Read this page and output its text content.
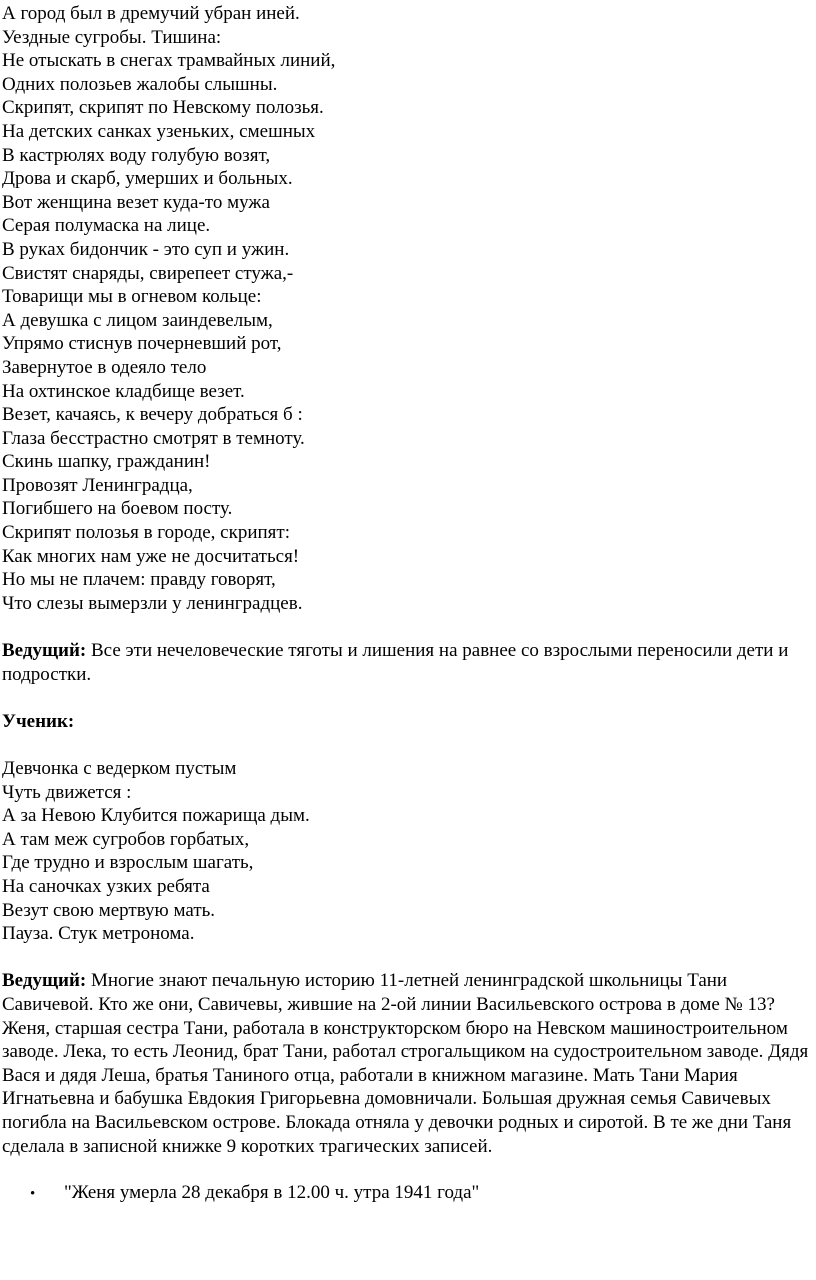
А город был в дремучий убран иней.
Уездные сугробы. Тишина:
Не отыскать в снегах трамвайных линий,
Одних полозьев жалобы слышны.
Скрипят, скрипят по Невскому полозья.
На детских санках узеньких, смешных
В кастрюлях воду голубую возят,
Дрова и скарб, умерших и больных.
Вот женщина везет куда-то мужа
Серая полумаска на лице.
В руках бидончик - это суп и ужин.
Свистят снаряды, свирепеет стужа,-
Товарищи мы в огневом кольце:
А девушка с лицом заиндевелым,
Упрямо стиснув почерневший рот,
Завернутое в одеяло тело
На охтинское кладбище везет.
Везет, качаясь, к вечеру добраться б :
Глаза бесстрастно смотрят в темноту.
Скинь шапку, гражданин!
Провозят Ленинградца,
Погибшего на боевом посту.
Скрипят полозья в городе, скрипят:
Как многих нам уже не досчитаться!
Но мы не плачем: правду говорят,
Что слезы вымерзли у ленинградцев.
Ведущий: Все эти нечеловеческие тяготы и лишения на равнее со взрослыми переносили дети и подростки.
Ученик:
Девчонка с ведерком пустым
Чуть движется :
А за Невою Клубится пожарища дым.
А там меж сугробов горбатых,
Где трудно и взрослым шагать,
На саночках узких ребята
Везут свою мертвую мать.
Пауза. Стук метронома.
Ведущий: Многие знают печальную историю 11-летней ленинградской школьницы Тани Савичевой. Кто же они, Савичевы, жившие на 2-ой линии Васильевского острова в доме № 13? Женя, старшая сестра Тани, работала в конструкторском бюро на Невском машиностроительном заводе. Лека, то есть Леонид, брат Тани, работал строгальщиком на судостроительном заводе. Дядя Вася и дядя Леша, братья Таниного отца, работали в книжном магазине. Мать Тани Мария Игнатьевна и бабушка Евдокия Григорьевна домовничали. Большая дружная семья Савичевых погибла на Васильевском острове. Блокада отняла у девочки родных и сиротой. В те же дни Таня сделала в записной книжке 9 коротких трагических записей.
•	"Женя умерла 28 декабря в 12.00 ч. утра 1941 года"
